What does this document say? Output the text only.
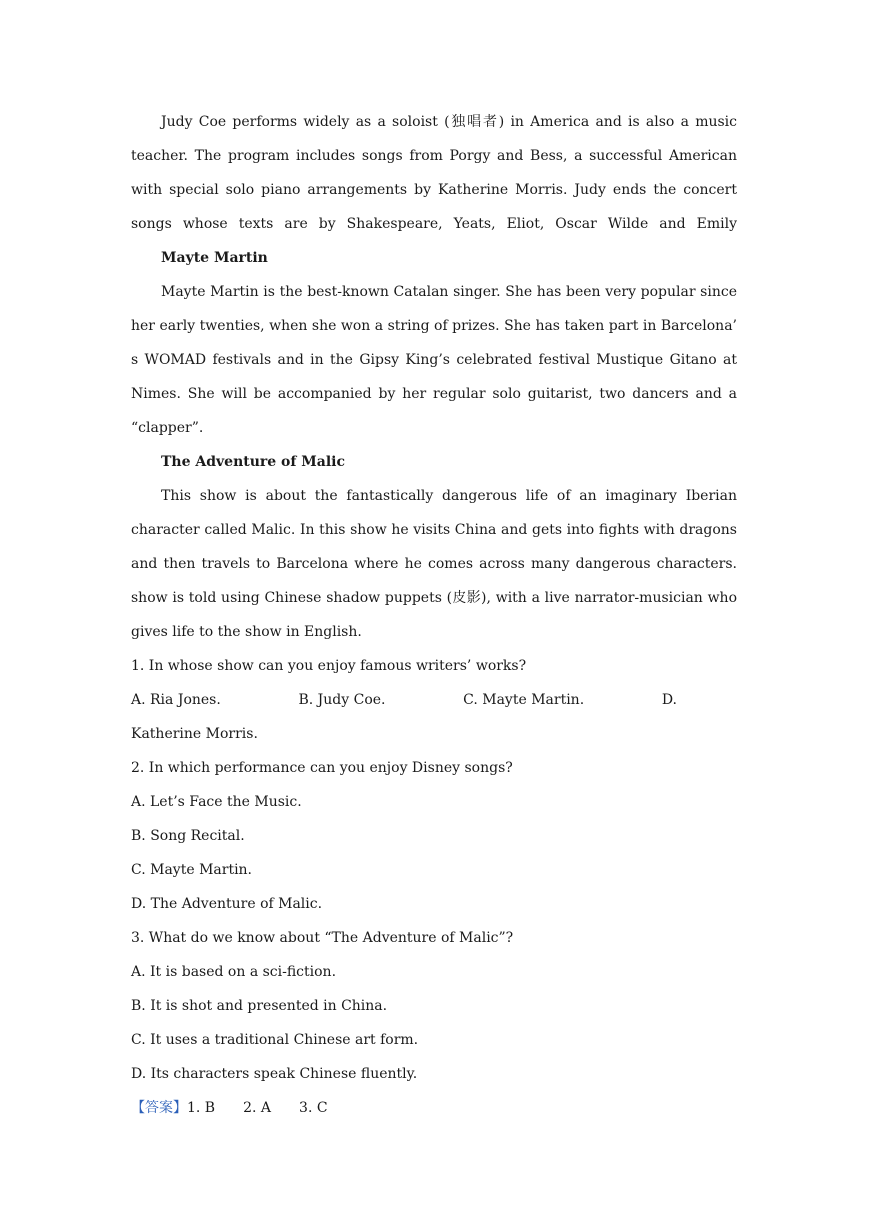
Judy Coe performs widely as a soloist (独唱者) in America and is also a music
teacher. The program includes songs from Porgy and Bess, a successful American
with special solo piano arrangements by Katherine Morris. Judy ends the concert
songs whose texts are by Shakespeare, Yeats, Eliot, Oscar Wilde and Emily
Mayte Martin
Mayte Martin is the best-known Catalan singer. She has been very popular since
her early twenties, when she won a string of prizes. She has taken part in Barcelona’
s WOMAD festivals and in the Gipsy King’s celebrated festival Mustique Gitano at
Nimes. She will be accompanied by her regular solo guitarist, two dancers and a
“clapper”.
The Adventure of Malic
This show is about the fantastically dangerous life of an imaginary Iberian
character called Malic. In this show he visits China and gets into fights with dragons
and then travels to Barcelona where he comes across many dangerous characters.
show is told using Chinese shadow puppets (皮影), with a live narrator-musician who
gives life to the show in English.
1. In whose show can you enjoy famous writers’ works?
A. Ria Jones.	B. Judy Coe.	C. Mayte Martin.	D.
Katherine Morris.
2. In which performance can you enjoy Disney songs?
A. Let’s Face the Music.
B. Song Recital.
C. Mayte Martin.
D. The Adventure of Malic.
3. What do we know about “The Adventure of Malic”?
A. It is based on a sci-fiction.
B. It is shot and presented in China.
C. It uses a traditional Chinese art form.
D. Its characters speak Chinese fluently.
【答案】1. B 2. A 3. C
